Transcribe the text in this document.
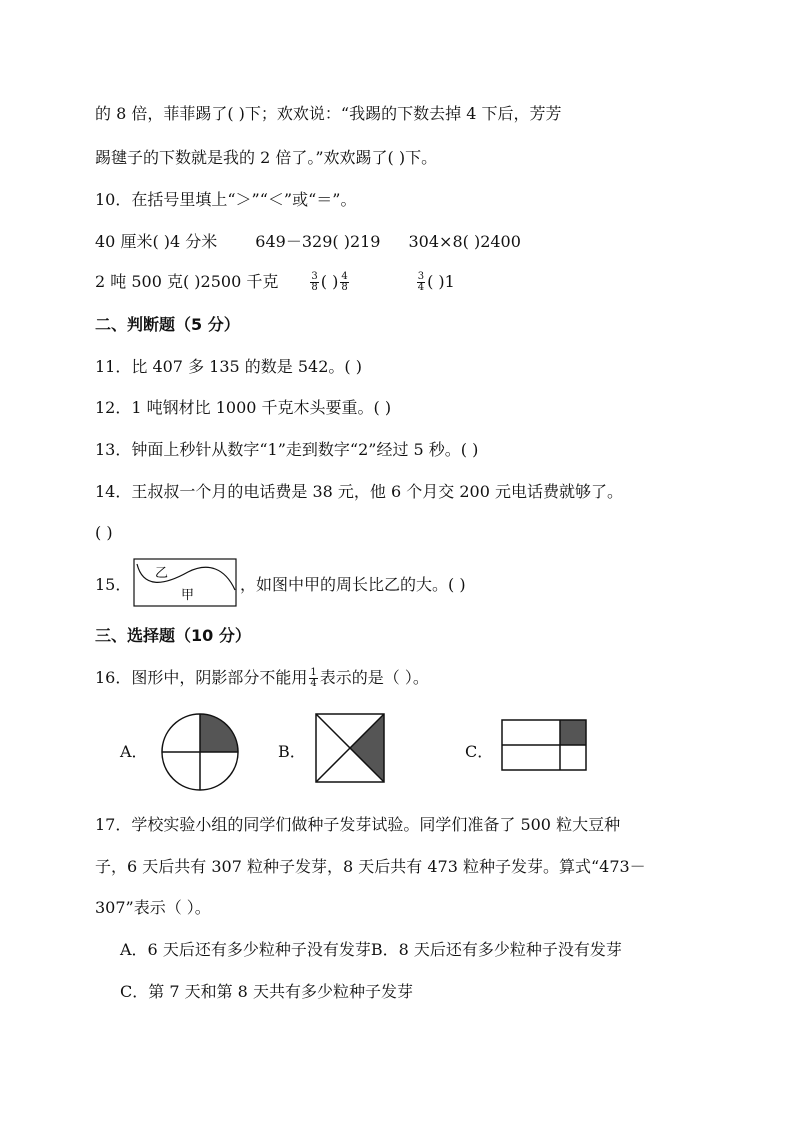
的 8 倍，菲菲踢了( )下；欢欢说：“我踢的下数去掉 4 下后，芳芳
踢毽子的下数就是我的 2 倍了。”欢欢踢了( )下。
10．在括号里填上“＞”“＜”或“＝”。
40 厘米( )4 分米 649－329( )219 304×8( )2400
2 吨 500 克( )2500 千克	$\frac{3}{8}$ ( ) $\frac{4}{8}$	$\frac{3}{4}$ ( )1
二、判断题（5 分）
11．比 407 多 135 的数是 542。( )
12．1 吨钢材比 1000 千克木头要重。( )
13．钟面上秒针从数字“1”走到数字“2”经过 5 秒。( )
14．王叔叔一个月的电话费是 38 元，他 6 个月交 200 元电话费就够了。
( )
15．
乙
甲
，如图中甲的周长比乙的大。( )
三、选择题（10 分）
16．图形中，阴影部分不能用 $\frac{1}{4}$ 表示的是（ ）。
A．	B．	C．
17．学校实验小组的同学们做种子发芽试验。同学们准备了 500 粒大豆种
子，6 天后共有 307 粒种子发芽，8 天后共有 473 粒种子发芽。算式“473－
307”表示（ ）。
A．6 天后还有多少粒种子没有发芽B．8 天后还有多少粒种子没有发芽
C．第 7 天和第 8 天共有多少粒种子发芽
